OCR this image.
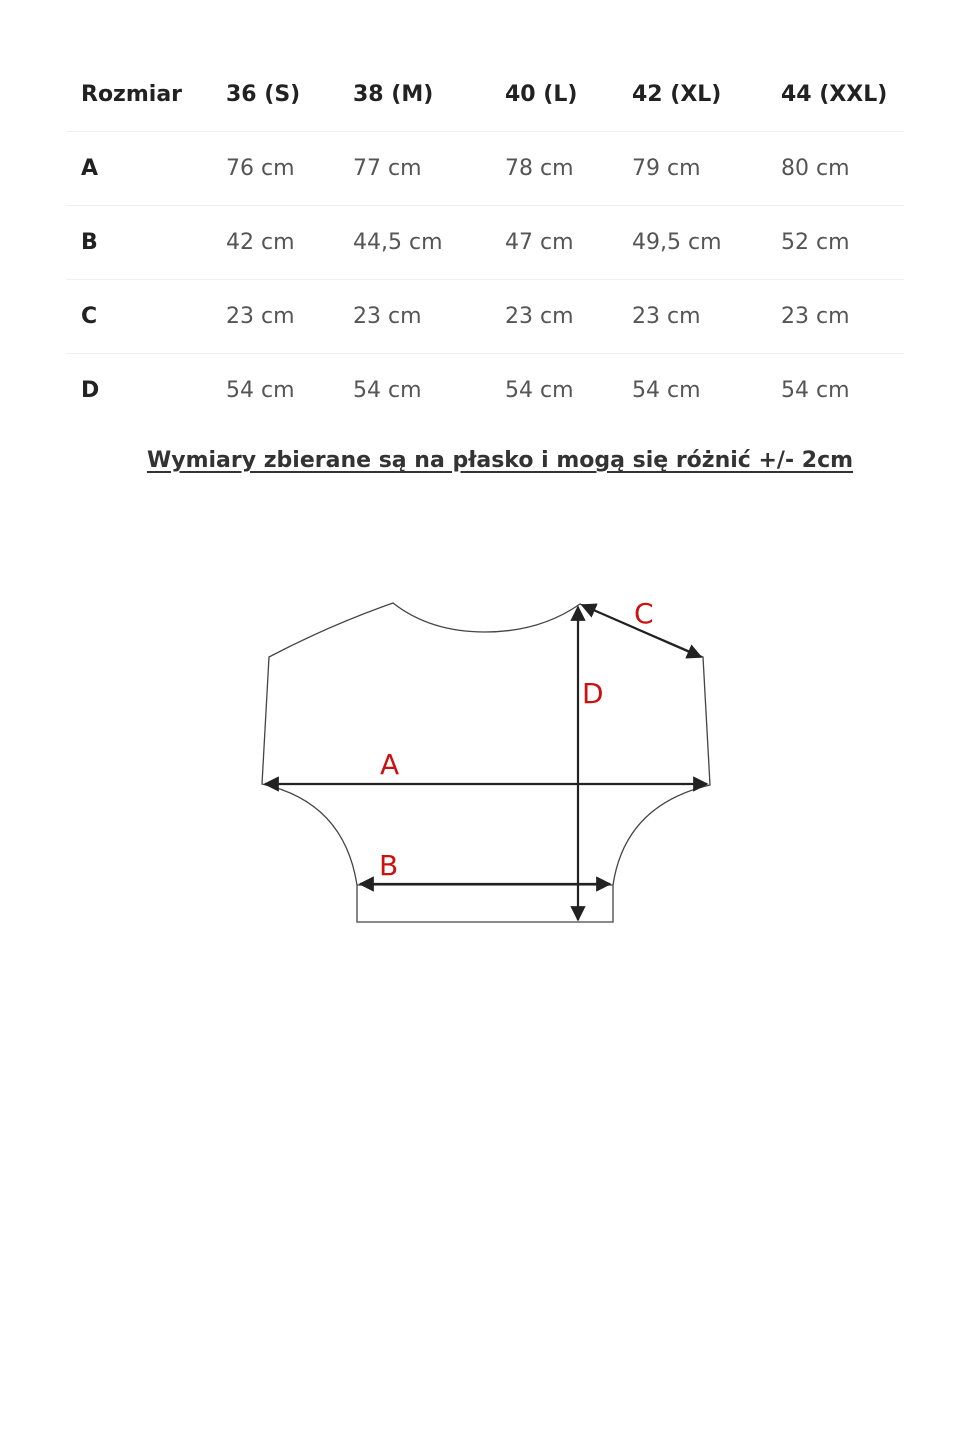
Rozmiar	36 (S)	38 (M)	40 (L)	42 (XL)	44 (XXL)
A	76 cm	77 cm	78 cm	79 cm	80 cm
B	42 cm	44,5 cm	47 cm	49,5 cm	52 cm
C	23 cm	23 cm	23 cm	23 cm	23 cm
D	54 cm	54 cm	54 cm	54 cm	54 cm
Wymiary zbierane są na płasko i mogą się różnić +/- 2cm
A
B
C
D
